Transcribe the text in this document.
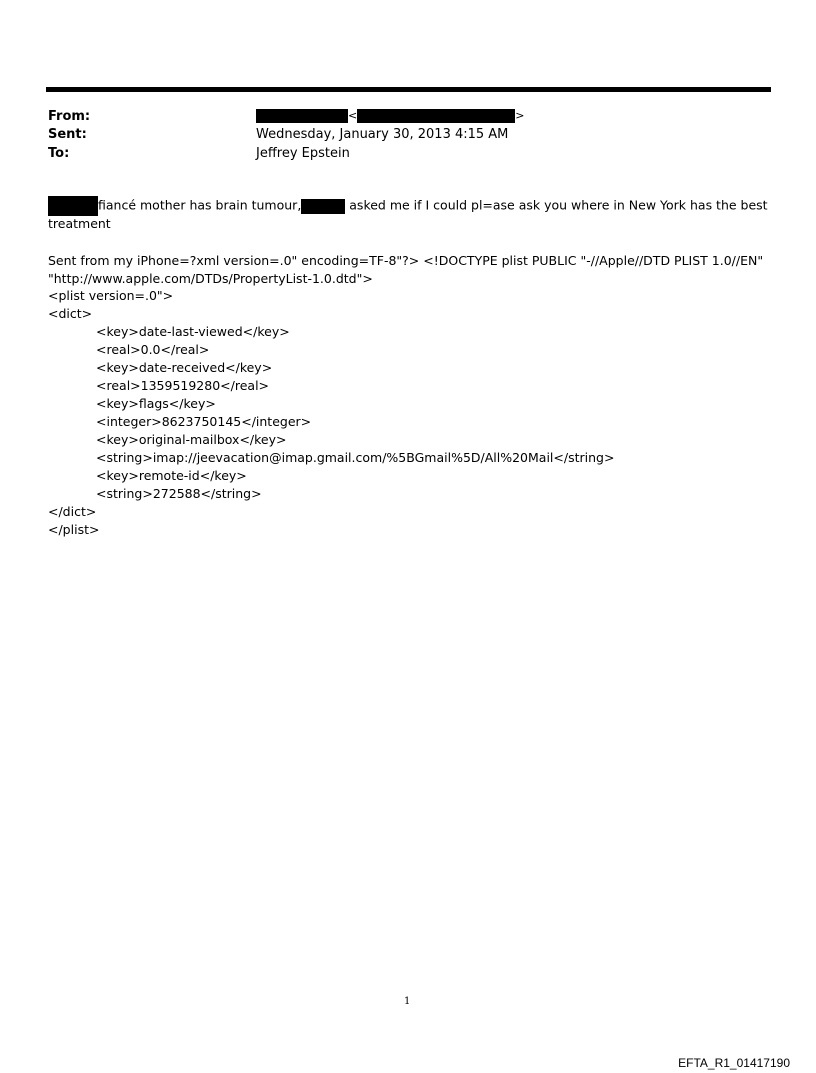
From:	<	>
Sent:	Wednesday, January 30, 2013 4:15 AM
To:	Jeffrey Epstein
fiancé mother has brain tumour,	asked me if I could pl=ase ask you where in New York has the best
treatment
Sent from my iPhone=?xml version=.0" encoding=TF-8"?> <!DOCTYPE plist PUBLIC "-//Apple//DTD PLIST 1.0//EN"
"http://www.apple.com/DTDs/PropertyList-1.0.dtd">
<plist version=.0">
<dict>
<key>date-last-viewed</key>
<real>0.0</real>
<key>date-received</key>
<real>1359519280</real>
<key>flags</key>
<integer>8623750145</integer>
<key>original-mailbox</key>
<string>imap://jeevacation@imap.gmail.com/%5BGmail%5D/All%20Mail</string>
<key>remote-id</key>
<string>272588</string>
</dict>
</plist>
1
EFTA_R1_01417190
